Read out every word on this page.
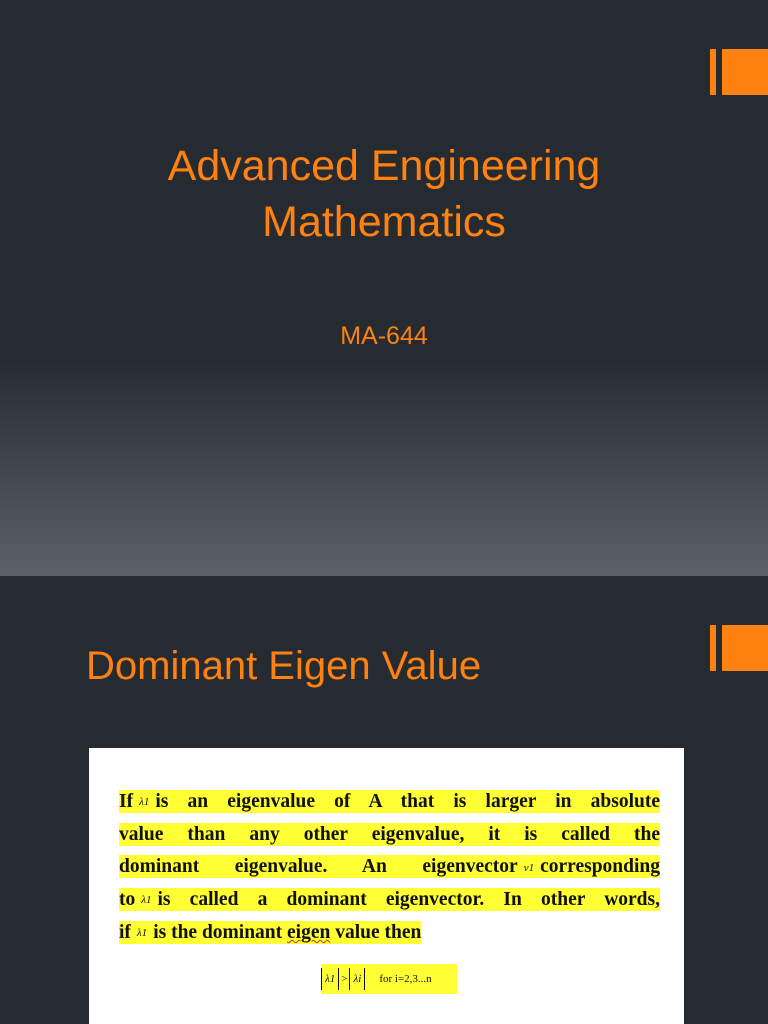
Advanced Engineering
Mathematics

MA-644

Dominant Eigen Value

If λ1 is an eigenvalue of A that is larger in absolute
value than any other eigenvalue, it is called the
dominant eigenvalue. An eigenvector v1 corresponding
to λ1 is called a dominant eigenvector. In other words,
if λ1 is the dominant eigen value then

λ1 > λi	for i=2,3...n
